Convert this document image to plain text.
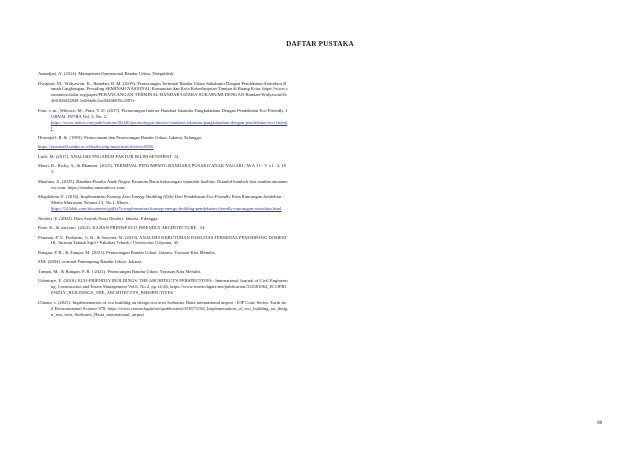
DAFTAR PUSTAKA

Annadjati, A. (2014). Manajemen Operasional Bandar Udara. Deepublish.

Dwiputri, M., Widyawati, K., Ramdan, B. M. (2019). Perancangan Terminal Bandar Udara Sukabumi Dengan Pendekatan Arsitektur Ramah Lingkungan. Prosiding SEMINAR NASIONAL Komunitas dan Kota Keberlanjutan Tinnjau di Ruang Kota, https://www.semanticscholar.org/paper/PERANCANGAN-TERMINAL-BANDAR-UDARA-SUKABUMI-DENGAN-Randan-Widyawati/6c4661b6022848 1e48da0c3ac0d4060f5c2587e

Fran, s .m., Wibowo, M., Putri, Y. D. (2017). Perancangan Interior Bandara Iskandar Pangkalanbun Dengan Pendekatan Eco-Friendly. JURNAL INTRA Vol. 5, No. 2,

https://www.neliti.com/publications/96440/perancangan-interior-bandara-iskandar-pangkalanbun-dengan-pendekatan-eco-friendl

Horonjeff, R. &. (1993). Perencanaan dan Perancangan Bandar Udara. Jakarta: Erlangga.

https://ejournal3.undip.ac.id/index.php/imaji/article/view/8826

Lutfi, M. (2017). ANALISIS PNGARUH FAKTOR IKLIM SETEMPAT. 14.

Masri, R., Ricky, A., & Bhanmu. (2015). TERMINAL PENUMPANG BANDARA PUSAKO ANAK NAGARI / M A J I - V o l . 4, 183.

Maulana, A. (2023). Bandara Pusako Anak Negeri Pasaman Barat kekurangan sejumlah fasilitas. Diambil kembali dari sumbar.antaranews.com: https://sumbar.antaranews.com/

Mugdalena, E. (2016). Implementasi Konsep Zero Energy Building (Zeb) Dari Pendekatan Eco-Friendly Pada Rancangan Arsitektur : Media Matrasain Volume 13, No.1, Maret ,

https://123dok.com/document/qojlkr7z-implementasi-konsep-energy-building-pendekatan-friendly-rancangan-arsitektur.html

Neufert, E. (2002). Data Arsitek Ernst Neufert. Jakarta: Erlangga.

Pane, K., & suryono. (2012). KAJIAN PRINSIP ECO FRIENDLY ARCHITECTURE . 54.

Pratama, P. Y., Purbanto, G. R., & Suwerta, W. (2015). ANALISIS KEBUTUHAN FASILITAS TERMINAL PENUMPANG DOMESTIK. Jurusan Teknik Sipil • Fakultas Teknik • Universitas Udayana, 45.

Rangan, P. R., & Tumpu, M. (2021). Perancangan Bandar Udara. Jakarta: Yayasan Kita Menulis.

SNI. (2004). erminal Penumpang Bandar Udara. Jakarta.

Tumpu, M., & Rangan, P. R. ( 2021). Perancangan Bandar Udara. Yayasan Kita Menulis.

Udoniuye, E. (2016). ECO-FRIENDLY BUILDINGS: THE ARCHITECT'S PERSPECTIVES : International Journal of Civil Engineering, Construction and Estate Management Vol.6, No.2, pp.14-26, https://www.researchgate.net/publication/312581064_ECOFRIENDLY_BUILDINGS_THE_ARCHITECTS'S_PERSPECTIVES

Ulinata, s. (2021). Implementation of eco building on design rest area Soekarno Hatta international airport : IOP Conf. Series: Earth and Environmental Science 878, https://www.researchgate.net/publication/356575164_Implementation_of_eco_building_on_design_rest_area_Soekarno_Hatta_international_airport

88
